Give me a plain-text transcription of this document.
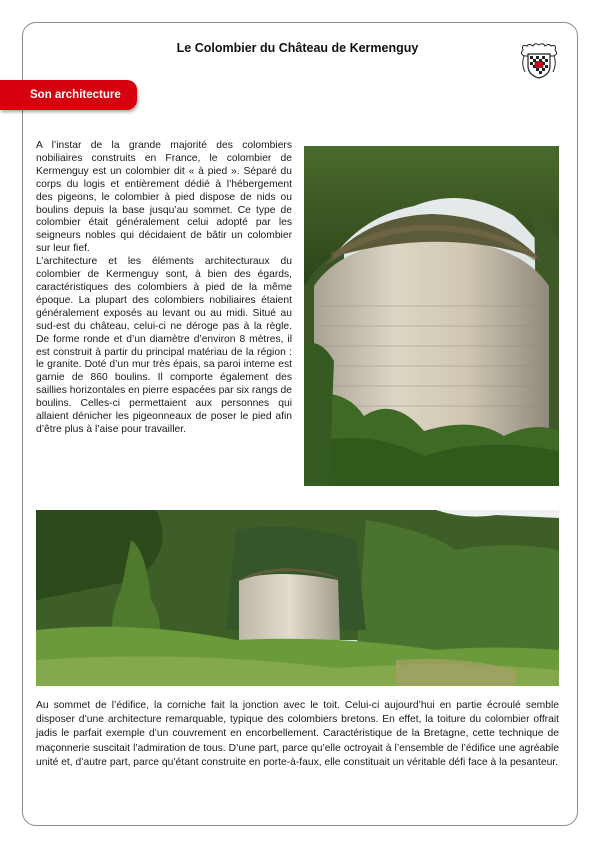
Le Colombier du Château de Kermenguy
Son architecture

A l’instar de la grande majorité des colombiers nobiliaires construits en France, le colombier de Kermenguy est un colombier dit « à pied ». Séparé du corps du logis et entièrement dédié à l’hébergement des pigeons, le colombier à pied dispose de nids ou boulins depuis la base jusqu’au sommet. Ce type de colombier était généralement celui adopté par les seigneurs nobles qui décidaient de bâtir un colombier sur leur fief.

L’architecture et les éléments architecturaux du colombier de Kermenguy sont, à bien des égards, caractéristiques des colombiers à pied de la même époque. La plupart des colombiers nobiliaires étaient généralement exposés au levant ou au midi. Situé au sud-est du château, celui-ci ne déroge pas à la règle. De forme ronde et d’un diamètre d’environ 8 mètres, il est construit à partir du principal matériau de la région : le granite. Doté d’un mur très épais, sa paroi interne est garnie de 860 boulins. Il comporte également des saillies horizontales en pierre espacées par six rangs de boulins. Celles-ci permettaient aux personnes qui allaient dénicher les pigeonneaux de poser le pied afin d’être plus à l’aise pour travailler.

Au sommet de l’édifice, la corniche fait la jonction avec le toit. Celui-ci aujourd’hui en partie écroulé semble disposer d’une architecture remarquable, typique des colombiers bretons. En effet, la toiture du colombier offrait jadis le parfait exemple d’un couvrement en encorbellement. Caractéristique de la Bretagne, cette technique de maçonnerie suscitait l’admiration de tous. D’une part, parce qu’elle octroyait à l’ensemble de l’édifice une agréable unité et, d’autre part, parce qu’étant construite en porte-à-faux, elle constituait un véritable défi face à la pesanteur.
